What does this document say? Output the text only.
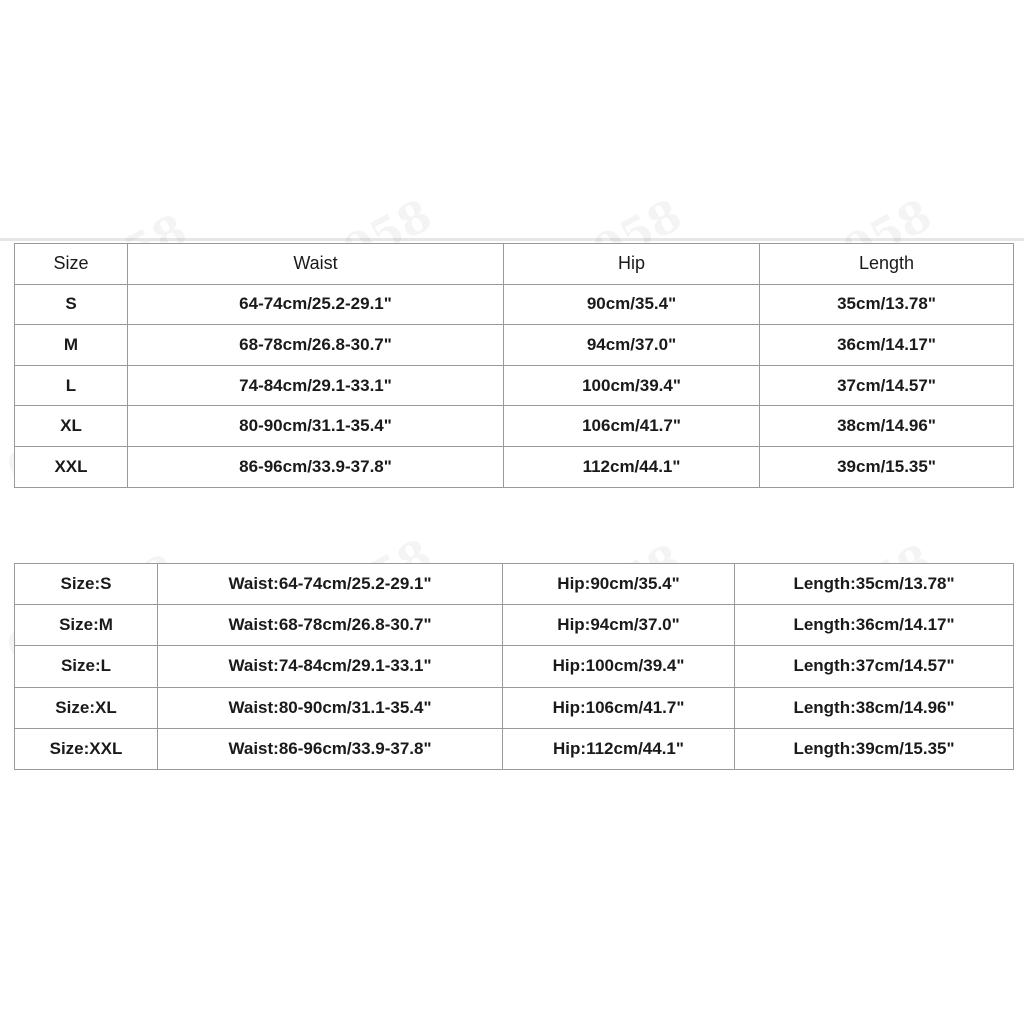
Size	Waist	Hip	Length
S	64-74cm/25.2-29.1"	90cm/35.4"	35cm/13.78"
M	68-78cm/26.8-30.7"	94cm/37.0"	36cm/14.17"
L	74-84cm/29.1-33.1"	100cm/39.4"	37cm/14.57"
XL	80-90cm/31.1-35.4"	106cm/41.7"	38cm/14.96"
XXL	86-96cm/33.9-37.8"	112cm/44.1"	39cm/15.35"
Size:S	Waist:64-74cm/25.2-29.1"	Hip:90cm/35.4"	Length:35cm/13.78"
Size:M	Waist:68-78cm/26.8-30.7"	Hip:94cm/37.0"	Length:36cm/14.17"
Size:L	Waist:74-84cm/29.1-33.1"	Hip:100cm/39.4"	Length:37cm/14.57"
Size:XL	Waist:80-90cm/31.1-35.4"	Hip:106cm/41.7"	Length:38cm/14.96"
Size:XXL	Waist:86-96cm/33.9-37.8"	Hip:112cm/44.1"	Length:39cm/15.35"
